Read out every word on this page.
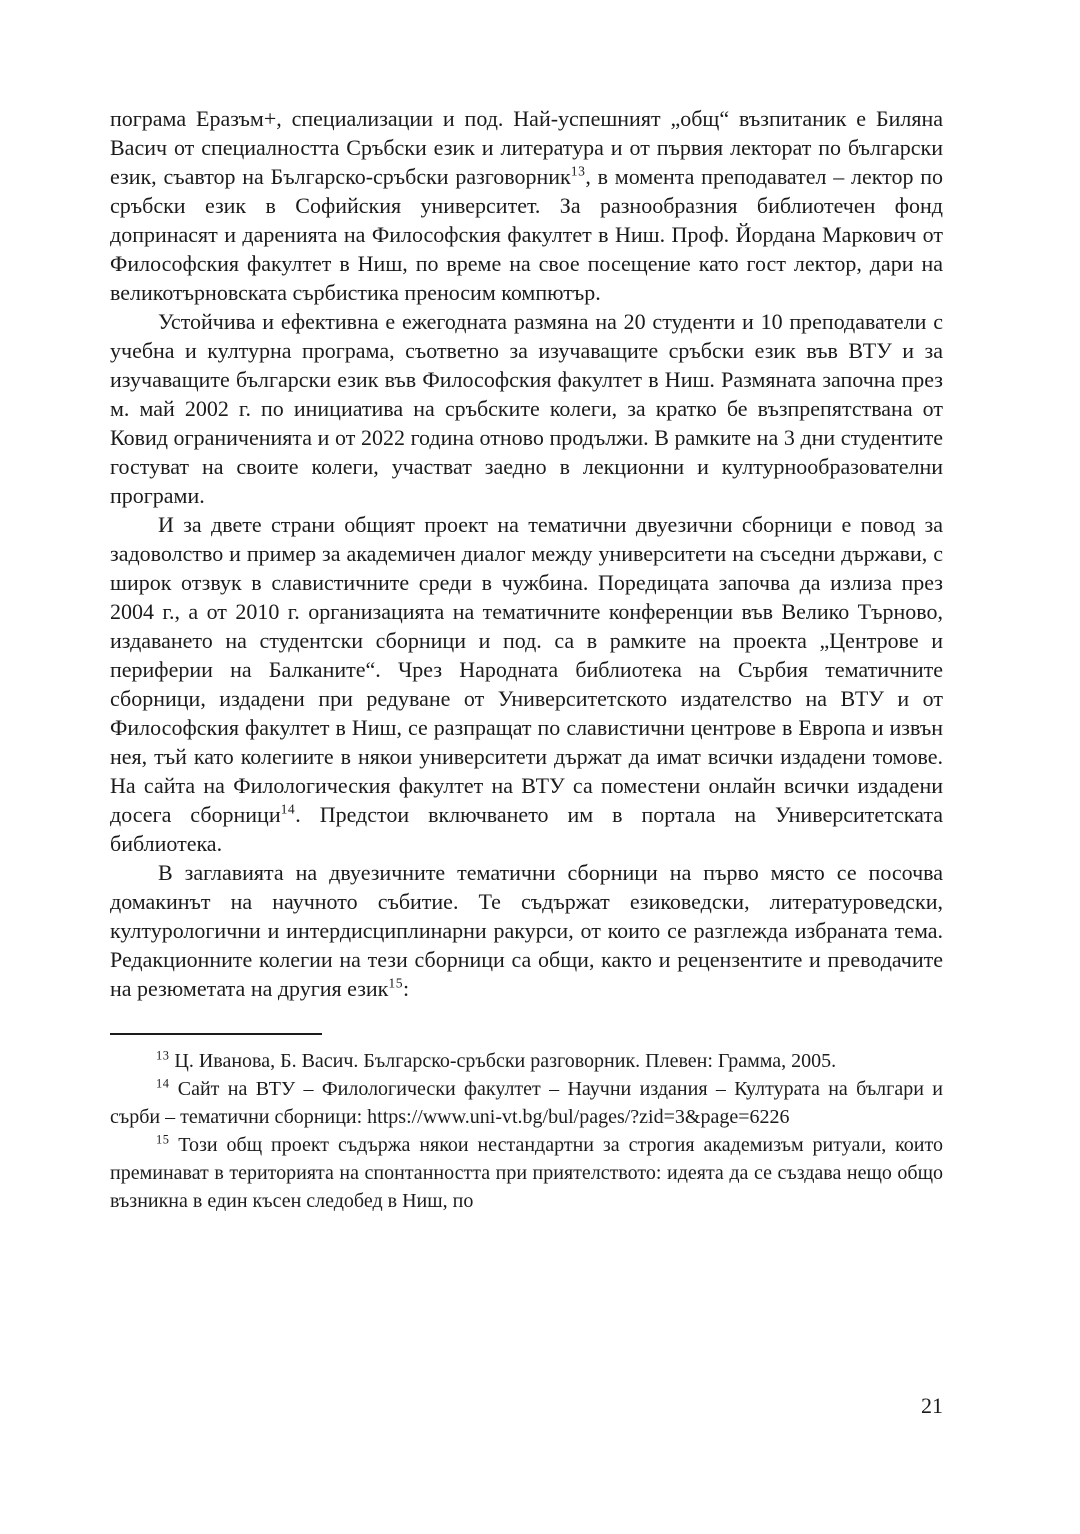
пограма Еразъм+, специализации и под. Най-успешният „общ“ възпитаник е Биляна Васич от специалността Сръбски език и литература и от първия лекторат по български език, съавтор на Българско-сръбски разговорник$^{13}$, в момента преподавател – лектор по сръбски език в Софийския университет. За разнообразния библиотечен фонд допринасят и даренията на Философския факултет в Ниш. Проф. Йордана Маркович от Философския факултет в Ниш, по време на свое посещение като гост лектор, дари на великотърновската сърбистика преносим компютър.

Устойчива и ефективна е ежегодната размяна на 20 студенти и 10 преподаватели с учебна и културна програма, съответно за изучаващите сръбски език във ВТУ и за изучаващите български език във Философския факултет в Ниш. Размяната започна през м. май 2002 г. по инициатива на сръбските колеги, за кратко бе възпрепятствана от Ковид ограниченията и от 2022 година отново продължи. В рамките на 3 дни студентите гостуват на своите колеги, участват заедно в лекционни и културнообразователни програми.

И за двете страни общият проект на тематични двуезични сборници е повод за задоволство и пример за академичен диалог между университети на съседни държави, с широк отзвук в славистичните среди в чужбина. Поредицата започва да излиза през 2004 г., а от 2010 г. организацията на тематичните конференции във Велико Търново, издаването на студентски сборници и под. са в рамките на проекта „Центрове и периферии на Балканите“. Чрез Народната библиотека на Сърбия тематичните сборници, издадени при редуване от Университетското издателство на ВТУ и от Философския факултет в Ниш, се разпращат по славистични центрове в Европа и извън нея, тъй като колегиите в някои университети държат да имат всички издадени томове. На сайта на Филологическия факултет на ВТУ са поместени онлайн всички издадени досега сборници$^{14}$. Предстои включването им в портала на Университетската библиотека.

В заглавията на двуезичните тематични сборници на първо място се посочва домакинът на научното събитие. Те съдържат езиковедски, литературоведски, културологични и интердисциплинарни ракурси, от които се разглежда избраната тема. Редакционните колегии на тези сборници са общи, както и рецензентите и преводачите на резюметата на другия език$^{15}$:

$^{13}$ Ц. Иванова, Б. Васич. Българско-сръбски разговорник. Плевен: Грамма, 2005.

$^{14}$ Сайт на ВТУ – Филологически факултет – Научни издания – Културата на българи и сърби – тематични сборници: https://www.uni-vt.bg/bul/pages/?zid=3&page=6226

$^{15}$ Този общ проект съдържа някои нестандартни за строгия академизъм ритуали, които преминават в територията на спонтанността при приятелството: идеята да се създава нещо общо възникна в един късен следобед в Ниш, по

21
